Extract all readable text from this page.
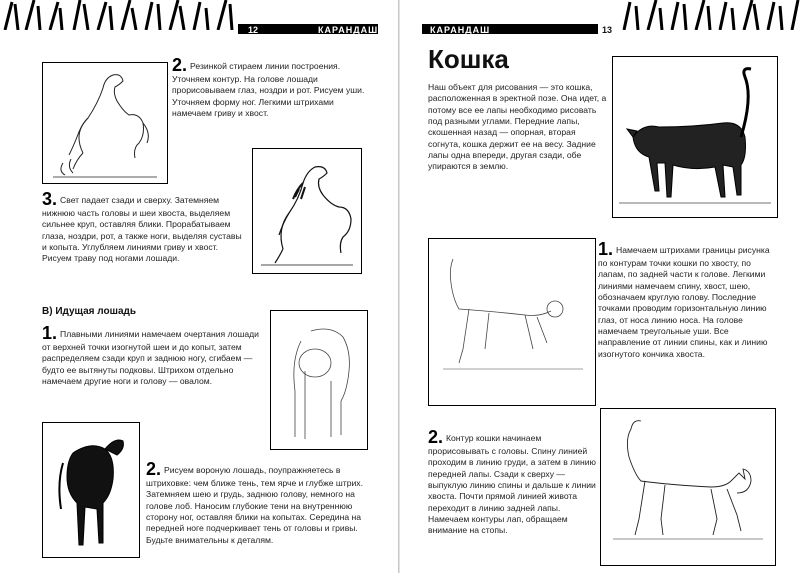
12	КАРАНДАШ
2. Резинкой стираем линии построения. Уточняем контур. На голове лошади прорисовываем глаз, ноздри и рот. Рисуем уши. Уточняем форму ног. Легкими штрихами намечаем гриву и хвост.
3. Свет падает сзади и сверху. Затемняем нижнюю часть головы и шеи хвоста, выделяем сильнее круп, оставляя блики. Прорабатываем глаза, ноздри, рот, а также ноги, выделяя суставы и копыта. Углубляем линиями гриву и хвост. Рисуем траву под ногами лошади.
В) Идущая лошадь
1. Плавными линиями намечаем очертания лошади от верхней точки изогнутой шеи и до копыт, затем распределяем сзади круп и заднюю ногу, сгибаем — будто ее вытянуты подковы. Штрихом отдельно намечаем другие ноги и голову — овалом.
2. Рисуем вороную лошадь, поупражняетесь в штриховке: чем ближе тень, тем ярче и глубже штрих. Затемняем шею и грудь, заднюю голову, немного на голове лоб. Наносим глубокие тени на внутреннюю сторону ног, оставляя блики на копытах. Середина на передней ноге подчеркивает тень от головы и гривы. Будьте внимательны к деталям.
КАРАНДАШ	13
Кошка
Наш объект для рисования — это кошка, расположенная в эректной позе. Она идет, а потому все ее лапы необходимо рисовать под разными углами. Передние лапы, скошенная назад — опорная, вторая согнута, кошка держит ее на весу. Задние лапы одна впереди, другая сзади, обе упираются в землю.
1. Намечаем штрихами границы рисунка по контурам точки кошки по хвосту, по лапам, по задней части к голове. Легкими линиями намечаем спину, хвост, шею, обозначаем круглую голову. Последние точками проводим горизонтальную линию глаз, от носа линию носа. На голове намечаем треугольные уши. Все направление от линии спины, как и линию изогнутого кончика хвоста.
2. Контур кошки начинаем прорисовывать с головы. Спину линией проходим в линию груди, а затем в линию передней лапы. Сзади к сверху — выпуклую линию спины и дальше к линии хвоста. Почти прямой линией живота переходит в линию задней лапы. Намечаем контуры лап, обращаем внимание на стопы.
